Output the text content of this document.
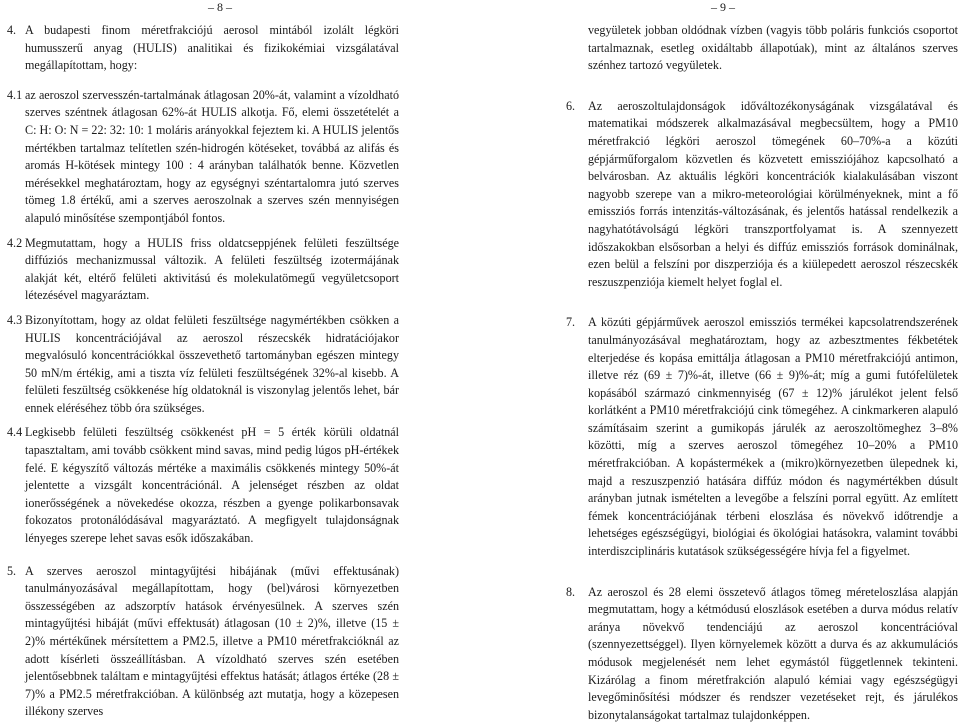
– 8 –	– 9 –
4. A budapesti finom méretfrakciójú aerosol mintából izolált légköri humusszerű anyag (HULIS) analitikai és fizikokémiai vizsgálatával megállapítottam, hogy:

4.1 az aeroszol szervesszén-tartalmának átlagosan 20%-át, valamint a vízoldható szerves széntnek átlagosan 62%-át HULIS alkotja. Fő, elemi összetételét a C: H: O: N = 22: 32: 10: 1 moláris arányokkal fejeztem ki. A HULIS jelentős mértékben tartalmaz telítetlen szén-hidrogén kötéseket, továbbá az alifás és aromás H-kötések mintegy 100 : 4 arányban találhatók benne. Közvetlen mérésekkel meghatároztam, hogy az egységnyi széntartalomra jutó szerves tömeg 1.8 értékű, ami a szerves aeroszolnak a szerves szén mennyiségen alapuló minősítése szempontjából fontos.

4.2 Megmutattam, hogy a HULIS friss oldatcseppjének felületi feszültsége diffúziós mechanizmussal változik. A felületi feszültség izotermájának alakját két, eltérő felületi aktivitású és molekulatömegű vegyületcsoport létezésével magyaráztam.

4.3 Bizonyítottam, hogy az oldat felületi feszültsége nagymértékben csökken a HULIS koncentrációjával az aeroszol részecskék hidratációjakor megvalósuló koncentrációkkal összevethető tartományban egészen mintegy 50 mN/m értékig, ami a tiszta víz felületi feszültségének 32%-al kisebb. A felületi feszültség csökkenése híg oldatoknál is viszonylag jelentős lehet, bár ennek eléréséhez több óra szükséges.

4.4 Legkisebb felületi feszültség csökkenést pH = 5 érték körüli oldatnál tapasztaltam, ami tovább csökkent mind savas, mind pedig lúgos pH-értékek felé. E kégyszítő változás mértéke a maximális csökkenés mintegy 50%-át jelentette a vizsgált koncentrációnál. A jelenséget részben az oldat ionerősségének a növekedése okozza, részben a gyenge polikarbonsavak fokozatos protonálódásával magyaráztató. A megfigyelt tulajdonságnak lényeges szerepe lehet savas esők időszakában.

5. A szerves aeroszol mintagyűjtési hibájának (művi effektusának) tanulmányozásával megállapítottam, hogy (bel)városi környezetben összességében az adszorptív hatások érvényesülnek. A szerves szén mintagyűjtési hibáját (művi effektusát) átlagosan (10 ± 2)%, illetve (15 ± 2)% mértékűnek mérsítettem a PM2.5, illetve a PM10 méretfrakcióknál az adott kísérleti összeállításban. A vízoldható szerves szén esetében jelentősebbnek találtam e mintagyűjtési effektus hatását; átlagos értéke (28 ± 7)% a PM2.5 méretfrakcióban. A különbség azt mutatja, hogy a közepesen illékony szerves

vegyületek jobban oldódnak vízben (vagyis több poláris funkciós csoportot tartalmaznak, esetleg oxidáltabb állapotúak), mint az általános szerves szénhez tartozó vegyületek.

6. Az aeroszoltulajdonságok időváltozékonyságának vizsgálatával és matematikai módszerek alkalmazásával megbecsültem, hogy a PM10 méretfrakció légköri aeroszol tömegének 60–70%-a a közúti gépjárműforgalom közvetlen és közvetett emissziójához kapcsolható a belvárosban. Az aktuális légköri koncentrációk kialakulásában viszont nagyobb szerepe van a mikro-meteorológiai körülményeknek, mint a fő emissziós forrás intenzitás-változásának, és jelentős hatással rendelkezik a nagyhatótávolságú légköri transzportfolyamat is. A szennyezett időszakokban elsősorban a helyi és diffúz emissziós források dominálnak, ezen belül a felszíni por diszperziója és a kiülepedett aeroszol részecskék reszuszpenziója kiemelt helyet foglal el.

7. A közúti gépjárművek aeroszol emissziós termékei kapcsolatrendszerének tanulmányozásával meghatároztam, hogy az azbesztmentes fékbetétek elterjedése és kopása emittálja átlagosan a PM10 méretfrakciójú antimon, illetve réz (69 ± 7)%-át, illetve (66 ± 9)%-át; míg a gumi futófelületek kopásából származó cinkmennyiség (67 ± 12)% járulékot jelent felső korlátként a PM10 méretfrakciójú cink tömegéhez. A cinkmarkeren alapuló számításaim szerint a gumikopás járulék az aeroszoltömeghez 3–8% közötti, míg a szerves aeroszol tömegéhez 10–20% a PM10 méretfrakcióban. A kopástermékek a (mikro)környezetben ülepednek ki, majd a reszuszpenzió hatására diffúz módon és nagymértékben dúsult arányban jutnak ismételten a levegőbe a felszíni porral együtt. Az említett fémek koncentrációjának térbeni eloszlása és növekvő időtrendje a lehetséges egészségügyi, biológiai és ökológiai hatásokra, valamint további interdiszciplináris kutatások szükségességére hívja fel a figyelmet.

8. Az aeroszol és 28 elemi összetevő átlagos tömeg méreteloszlása alapján megmutattam, hogy a kétmódusú eloszlások esetében a durva módus relatív aránya növekvő tendenciájú az aeroszol koncentrációval (szennyezettséggel). Ilyen környelemek között a durva és az akkumulációs módusok megjelenését nem lehet egymástól függetlennek tekinteni. Kizárólag a finom méretfrakción alapuló kémiai vagy egészségügyi levegőminősítési módszer és rendszer vezetéseket rejt, és járulékos bizonytalanságokat tartalmaz tulajdonképpen.
